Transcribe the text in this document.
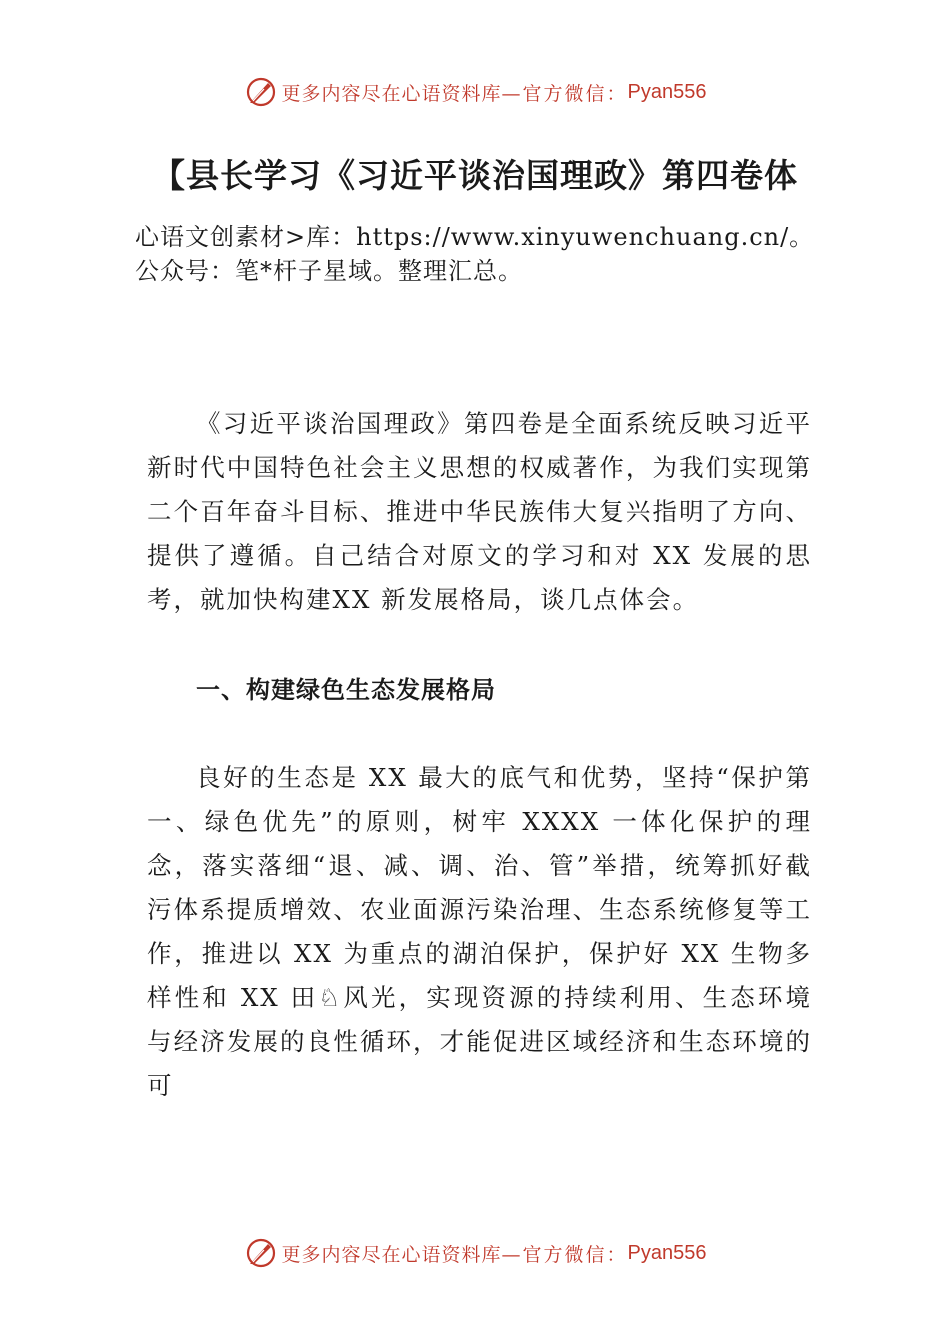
更多内容尽在心语资料库 —官方微信： Pyan556
【县长学习《习近平谈治国理政》第四卷体
心语文创素材>库：https://www.xinyuwenchuang.cn/。公众号：笔*杆子星域。整理汇总。
《习近平谈治国理政》第四卷是全面系统反映习近平新时代中国特色社会主义思想的权威著作，为我们实现第二个百年奋斗目标、推进中华民族伟大复兴指明了方向、提供了遵循。自己结合对原文的学习和对 XX 发展的思考，就加快构建XX 新发展格局，谈几点体会。
一、构建绿色生态发展格局
良好的生态是 XX 最大的底气和优势，坚持“保护第一、绿色优先”的原则，树牢 XXXX 一体化保护的理念，落实落细“退、减、调、治、管”举措，统筹抓好截污体系提质增效、农业面源污染治理、生态系统修复等工作，推进以 XX 为重点的湖泊保护，保护好 XX 生物多样性和 XX 田♘风光，实现资源的持续利用、生态环境与经济发展的良性循环，才能促进区域经济和生态环境的可
更多内容尽在心语资料库 —官方微信： Pyan556
